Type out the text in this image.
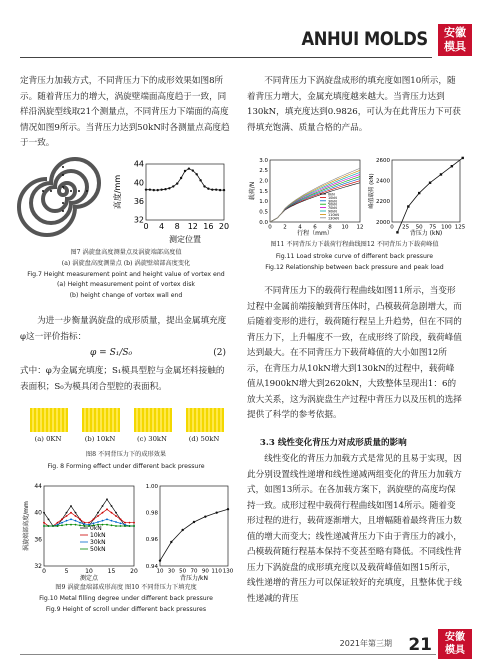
ANHUI MOLDS	安徽
模具

定背压力加载方式，不同背压力下的成形效果如图8所示。随着背压力的增大，涡旋壁端面高度趋于一致，同样沿涡旋型线取21个测量点，不同背压力下端面的高度情况如图9所示。当背压力达到50kN时各测量点高度趋于一致。

0 4 8 12 16 20
44
40
36
32
测定位置
高度/mm
图7 涡旋盘高度测量点及涡旋端部高度值
(a) 涡旋盘高度测量点 (b) 涡旋壁端部高度变化
Fig.7 Height measurement point and height value of vortex end
(a) Height measurement point of vortex disk
(b) height change of vortex wall end

为进一步衡量涡旋盘的成形质量，提出金属填充度φ这一评价指标：

φ = S₁/S₀	(2)

式中：φ为金属充填度；S₁模具型腔与金属坯料接触的表面积；S₀为模具闭合型腔的表面积。

(a) 0KN	(b) 10kN	(c) 30kN	(d) 50kN
图8 不同背压力下的成形效果
Fig. 8 Forming effect under different back pressure
0	5	10 15 20
44
40
36
32
测定点
涡旋端部高度/mm	0kN
10kN
30kN
50kN
10 30 50 70 90 110 130
1.00
0.98
0.96
0.94
背压力/kN
图9 涡旋盘端部成形高度 图10 不同背压力下填充度
Fig.10 Metal filling degree under different back pressure
Fig.9 Height of scroll under different back pressures

不同背压力下涡旋盘成形的填充度如图10所示，随着背压力增大，金属充填度越来越大。当背压力达到130kN，填充度达到0.9826，可认为在此背压力下可获得填充饱满、质量合格的产品。

0 2 4 6 8 10 12
3.0
2.5
2.0
1.5
1.0
0.5
0.0
行程（mm）
载荷/N	0kN
10kN
30kN
50kN
70kN
90kN
110kN
130kN
0 25 50 75 100 125
2600
2400
2200
2000
背压力 (kN)
峰值载荷 (kN)
图11 不同背压力下载荷行程曲线图12 不同背压力下载荷峰值
Fig.11 Load stroke curve of different back pressure
Fig.12 Relationship between back pressure and peak load

不同背压力下的载荷行程曲线如图11所示，当变形过程中金属前端接触到背压体时，凸模载荷急剧增大，而后随着变形的进行，载荷随行程呈上升趋势，但在不同的背压力下，上升幅度不一致，在成形终了阶段，载荷峰值达到最大。在不同背压力下载荷峰值的大小如图12所示，在背压力从10kN增大到130kN的过程中，载荷峰值从1900kN增大到2620kN，大致整体呈现出1：6的放大关系，这为涡旋盘生产过程中背压力以及压机的选择提供了科学的参考依据。

3.3 线性变化背压力对成形质量的影响

线性变化的背压力加载方式是常见的且易于实现，因此分别设置线性递增和线性递减两组变化的背压力加载方式，如图13所示。在各加载方案下，涡旋壁的高度均保持一致。成形过程中载荷行程曲线如图14所示。随着变形过程的进行，载荷逐渐增大，且增幅随着最终背压力数值的增大而变大；线性递减背压力下由于背压力的减小，凸模载荷随行程基本保持不变甚至略有降低。不同线性背压力下涡旋盘的成形填充度以及载荷峰值如图15所示，线性递增的背压力可以保证较好的充填度，且整体优于线性递减的背压

2021年第三期 21	安徽
模具
